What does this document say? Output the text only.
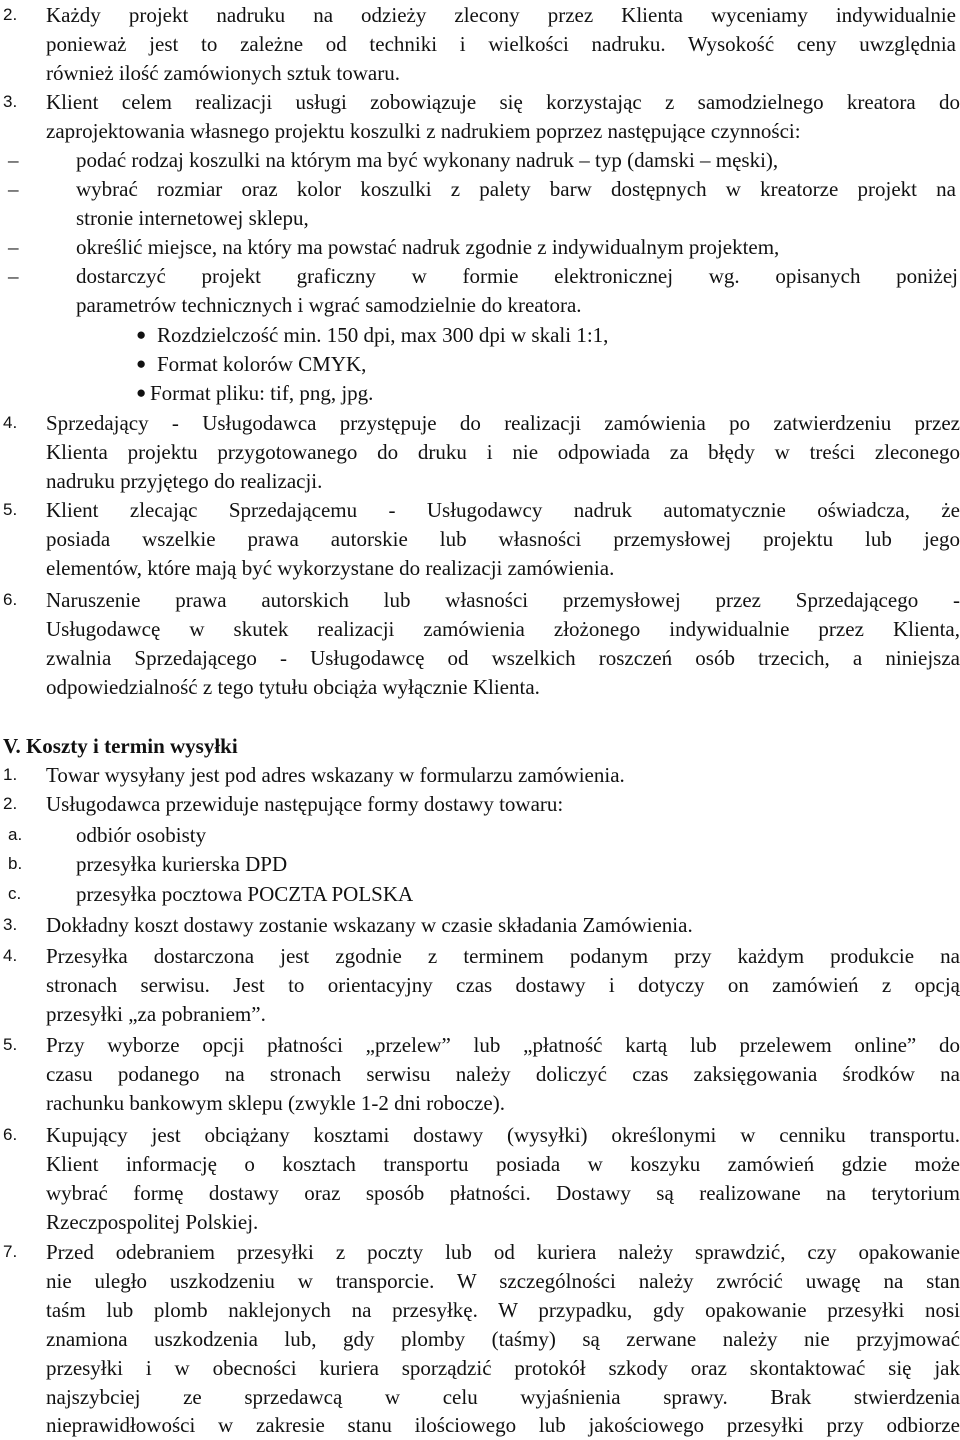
2. Każdy projekt nadruku na odzieży zlecony przez Klienta wyceniamy indywidualnie
ponieważ jest to zależne od techniki i wielkości nadruku. Wysokość ceny uwzględnia
również ilość zamówionych sztuk towaru.
3. Klient celem realizacji usługi zobowiązuje się korzystając z samodzielnego kreatora do
zaprojektowania własnego projektu koszulki z nadrukiem poprzez następujące czynności:
–	podać rodzaj koszulki na którym ma być wykonany nadruk – typ (damski – męski),
–	wybrać rozmiar oraz kolor koszulki z palety barw dostępnych w kreatorze projekt na
stronie internetowej sklepu,
–	określić miejsce, na który ma powstać nadruk zgodnie z indywidualnym projektem,
–	dostarczyć projekt graficzny w formie elektronicznej wg. opisanych poniżej
parametrów technicznych i wgrać samodzielnie do kreatora.
● Rozdzielczość min. 150 dpi, max 300 dpi w skali 1:1,
● Format kolorów CMYK,
● Format pliku: tif, png, jpg.
4. Sprzedający - Usługodawca przystępuje do realizacji zamówienia po zatwierdzeniu przez
Klienta projektu przygotowanego do druku i nie odpowiada za błędy w treści zleconego
nadruku przyjętego do realizacji.
5. Klient zlecając Sprzedającemu - Usługodawcy nadruk automatycznie oświadcza, że
posiada wszelkie prawa autorskie lub własności przemysłowej projektu lub jego
elementów, które mają być wykorzystane do realizacji zamówienia.
6. Naruszenie prawa autorskich lub własności przemysłowej przez Sprzedającego -
Usługodawcę w skutek realizacji zamówienia złożonego indywidualnie przez Klienta,
zwalnia Sprzedającego - Usługodawcę od wszelkich roszczeń osób trzecich, a niniejsza
odpowiedzialność z tego tytułu obciąża wyłącznie Klienta.
V. Koszty i termin wysyłki
1. Towar wysyłany jest pod adres wskazany w formularzu zamówienia.
2. Usługodawca przewiduje następujące formy dostawy towaru:
a.	odbiór osobisty
b.	przesyłka kurierska DPD
c.	przesyłka pocztowa POCZTA POLSKA
3. Dokładny koszt dostawy zostanie wskazany w czasie składania Zamówienia.
4. Przesyłka dostarczona jest zgodnie z terminem podanym przy każdym produkcie na
stronach serwisu. Jest to orientacyjny czas dostawy i dotyczy on zamówień z opcją
przesyłki „za pobraniem”.
5. Przy wyborze opcji płatności „przelew” lub „płatność kartą lub przelewem online” do
czasu podanego na stronach serwisu należy doliczyć czas zaksięgowania środków na
rachunku bankowym sklepu (zwykle 1-2 dni robocze).
6. Kupujący jest obciążany kosztami dostawy (wysyłki) określonymi w cenniku transportu.
Klient informację o kosztach transportu posiada w koszyku zamówień gdzie może
wybrać formę dostawy oraz sposób płatności. Dostawy są realizowane na terytorium
Rzeczpospolitej Polskiej.
7. Przed odebraniem przesyłki z poczty lub od kuriera należy sprawdzić, czy opakowanie
nie uległo uszkodzeniu w transporcie. W szczególności należy zwrócić uwagę na stan
taśm lub plomb naklejonych na przesyłkę. W przypadku, gdy opakowanie przesyłki nosi
znamiona uszkodzenia lub, gdy plomby (taśmy) są zerwane należy nie przyjmować
przesyłki i w obecności kuriera sporządzić protokół szkody oraz skontaktować się jak
najszybciej ze sprzedawcą w celu wyjaśnienia sprawy. Brak stwierdzenia
nieprawidłowości w zakresie stanu ilościowego lub jakościowego przesyłki przy odbiorze
